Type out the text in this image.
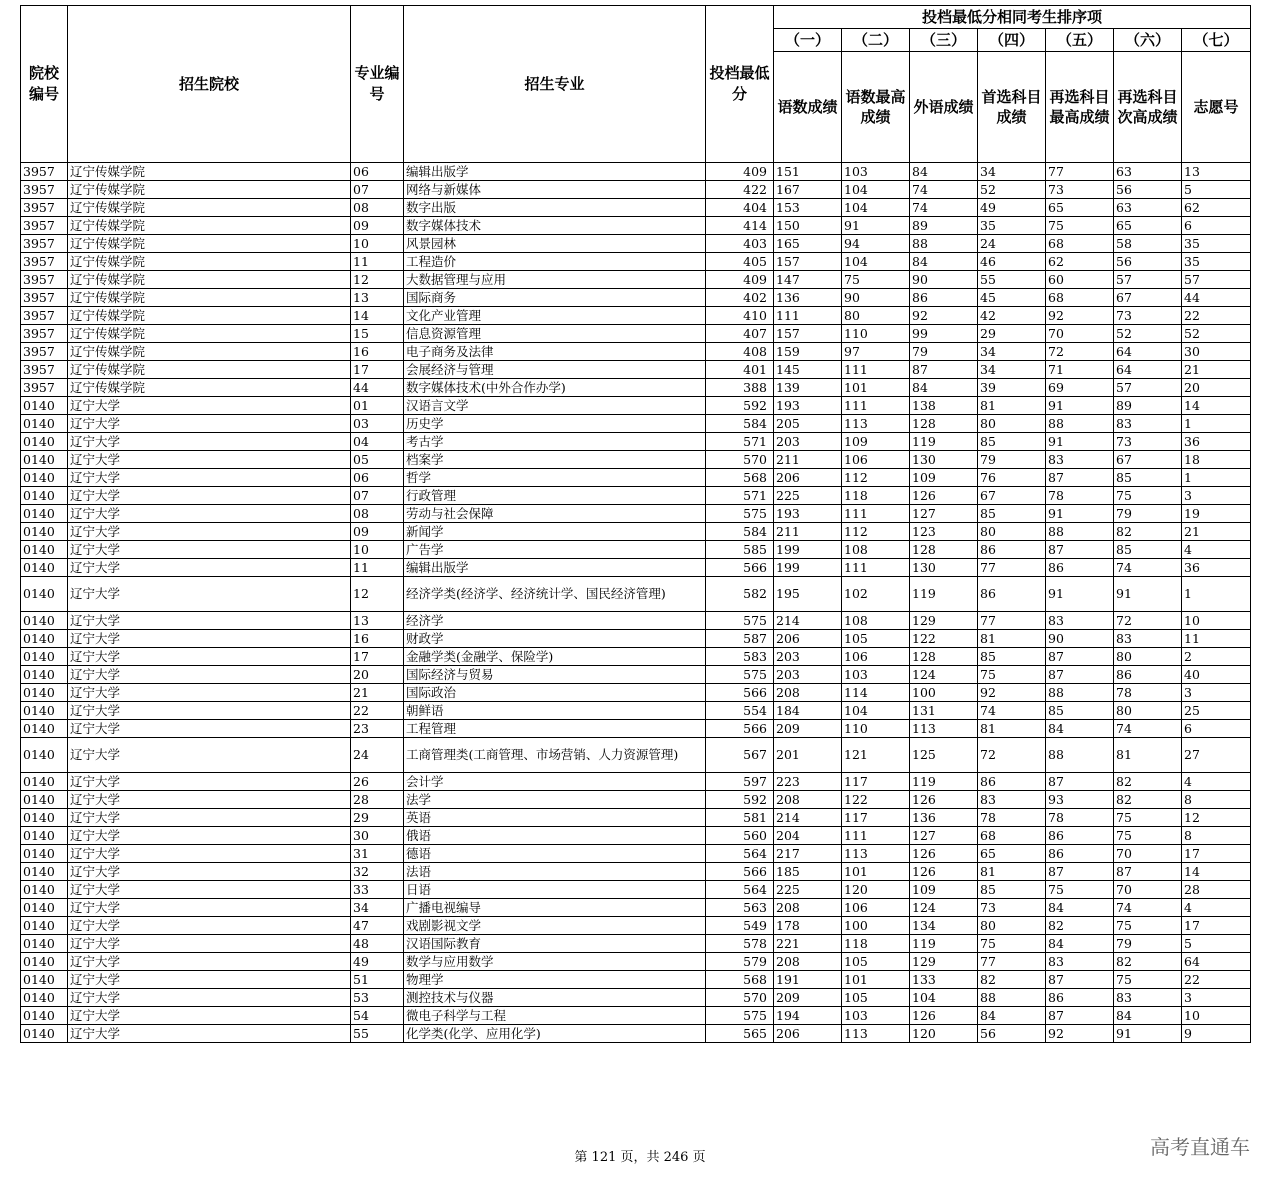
院校编号	招生院校	专业编号	招生专业	投档最低分	投档最低分相同考生排序项						
					（一）	（二）	（三）	（四）	（五）	（六）	（七）
					语数成绩	语数最高成绩	外语成绩	首选科目成绩	再选科目最高成绩	再选科目次高成绩	志愿号
3957	辽宁传媒学院	06	编辑出版学	409	151	103	84	34	77	63	13
3957	辽宁传媒学院	07	网络与新媒体	422	167	104	74	52	73	56	5
3957	辽宁传媒学院	08	数字出版	404	153	104	74	49	65	63	62
3957	辽宁传媒学院	09	数字媒体技术	414	150	91	89	35	75	65	6
3957	辽宁传媒学院	10	风景园林	403	165	94	88	24	68	58	35
3957	辽宁传媒学院	11	工程造价	405	157	104	84	46	62	56	35
3957	辽宁传媒学院	12	大数据管理与应用	409	147	75	90	55	60	57	57
3957	辽宁传媒学院	13	国际商务	402	136	90	86	45	68	67	44
3957	辽宁传媒学院	14	文化产业管理	410	111	80	92	42	92	73	22
3957	辽宁传媒学院	15	信息资源管理	407	157	110	99	29	70	52	52
3957	辽宁传媒学院	16	电子商务及法律	408	159	97	79	34	72	64	30
3957	辽宁传媒学院	17	会展经济与管理	401	145	111	87	34	71	64	21
3957	辽宁传媒学院	44	数字媒体技术(中外合作办学)	388	139	101	84	39	69	57	20
0140	辽宁大学	01	汉语言文学	592	193	111	138	81	91	89	14
0140	辽宁大学	03	历史学	584	205	113	128	80	88	83	1
0140	辽宁大学	04	考古学	571	203	109	119	85	91	73	36
0140	辽宁大学	05	档案学	570	211	106	130	79	83	67	18
0140	辽宁大学	06	哲学	568	206	112	109	76	87	85	1
0140	辽宁大学	07	行政管理	571	225	118	126	67	78	75	3
0140	辽宁大学	08	劳动与社会保障	575	193	111	127	85	91	79	19
0140	辽宁大学	09	新闻学	584	211	112	123	80	88	82	21
0140	辽宁大学	10	广告学	585	199	108	128	86	87	85	4
0140	辽宁大学	11	编辑出版学	566	199	111	130	77	86	74	36
0140	辽宁大学	12	经济学类(经济学、经济统计学、国民经济管理)	582	195	102	119	86	91	91	1
0140	辽宁大学	13	经济学	575	214	108	129	77	83	72	10
0140	辽宁大学	16	财政学	587	206	105	122	81	90	83	11
0140	辽宁大学	17	金融学类(金融学、保险学)	583	203	106	128	85	87	80	2
0140	辽宁大学	20	国际经济与贸易	575	203	103	124	75	87	86	40
0140	辽宁大学	21	国际政治	566	208	114	100	92	88	78	3
0140	辽宁大学	22	朝鲜语	554	184	104	131	74	85	80	25
0140	辽宁大学	23	工程管理	566	209	110	113	81	84	74	6
0140	辽宁大学	24	工商管理类(工商管理、市场营销、人力资源管理)	567	201	121	125	72	88	81	27
0140	辽宁大学	26	会计学	597	223	117	119	86	87	82	4
0140	辽宁大学	28	法学	592	208	122	126	83	93	82	8
0140	辽宁大学	29	英语	581	214	117	136	78	78	75	12
0140	辽宁大学	30	俄语	560	204	111	127	68	86	75	8
0140	辽宁大学	31	德语	564	217	113	126	65	86	70	17
0140	辽宁大学	32	法语	566	185	101	126	81	87	87	14
0140	辽宁大学	33	日语	564	225	120	109	85	75	70	28
0140	辽宁大学	34	广播电视编导	563	208	106	124	73	84	74	4
0140	辽宁大学	47	戏剧影视文学	549	178	100	134	80	82	75	17
0140	辽宁大学	48	汉语国际教育	578	221	118	119	75	84	79	5
0140	辽宁大学	49	数学与应用数学	579	208	105	129	77	83	82	64
0140	辽宁大学	51	物理学	568	191	101	133	82	87	75	22
0140	辽宁大学	53	测控技术与仪器	570	209	105	104	88	86	83	3
0140	辽宁大学	54	微电子科学与工程	575	194	103	126	84	87	84	10
0140	辽宁大学	55	化学类(化学、应用化学)	565	206	113	120	56	92	91	9
第 121 页，共 246 页	高考直通车
